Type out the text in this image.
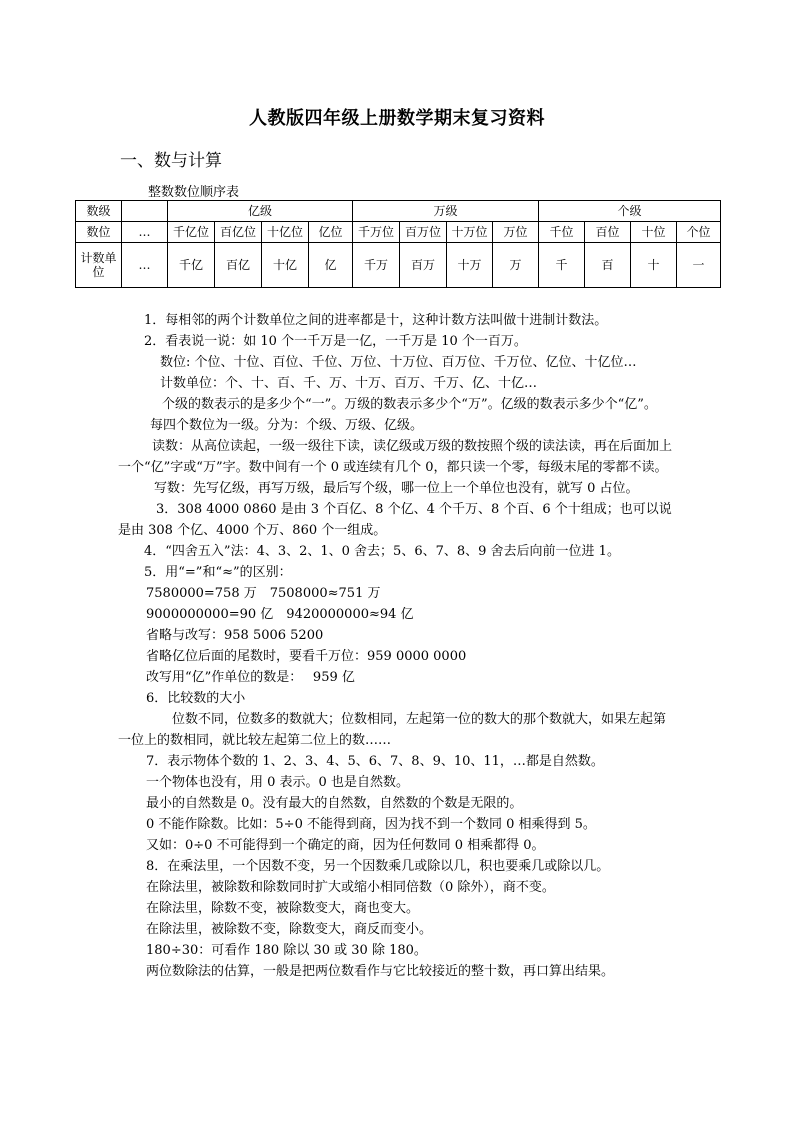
人教版四年级上册数学期末复习资料
一、数与计算
整数数位顺序表
数级		亿级				万级				个级			
数位	…	千亿位	百亿位	十亿位	亿位	千万位	百万位	十万位	万位	千位	百位	十位	个位
计数单位	…	千亿	百亿	十亿	亿	千万	百万	十万	万	千	百	十	一

1．每相邻的两个计数单位之间的进率都是十，这种计数方法叫做十进制计数法。

2．看表说一说：如 10 个一千万是一亿，一千万是 10 个一百万。

数位: 个位、十位、百位、千位、万位、十万位、百万位、千万位、亿位、十亿位…

计数单位：个、十、百、千、万、十万、百万、千万、亿、十亿…

个级的数表示的是多少个“一”。万级的数表示多少个“万”。亿级的数表示多少个“亿”。

每四个数位为一级。分为：个级、万级、亿级。

读数：从高位读起，一级一级往下读，读亿级或万级的数按照个级的读法读，再在后面加上一个“亿”字或“万”字。数中间有一个 0 或连续有几个 0，都只读一个零，每级末尾的零都不读。

写数：先写亿级，再写万级，最后写个级，哪一位上一个单位也没有，就写 0 占位。

3．308 4000 0860 是由 3 个百亿、8 个亿、4 个千万、8 个百、6 个十组成；也可以说是由 308 个亿、4000 个万、860 个一组成。

4．“四舍五入”法：4、3、2、1、0 舍去；5、6、7、8、9 舍去后向前一位进 1。

5．用“=”和“≈”的区别：

7580000=758 万　7508000≈751 万

9000000000=90 亿　9420000000≈94 亿

省略与改写：958 5006 5200

省略亿位后面的尾数时，要看千万位：959 0000 0000

改写用“亿”作单位的数是：　 959 亿

6．比较数的大小

位数不同，位数多的数就大；位数相同，左起第一位的数大的那个数就大，如果左起第一位上的数相同，就比较左起第二位上的数……

7．表示物体个数的 1、2、3、4、5、6、7、8、9、10、11，…都是自然数。

一个物体也没有，用 0 表示。0 也是自然数。

最小的自然数是 0。没有最大的自然数，自然数的个数是无限的。

0 不能作除数。比如：5÷0 不能得到商，因为找不到一个数同 0 相乘得到 5。

又如：0÷0 不可能得到一个确定的商，因为任何数同 0 相乘都得 0。

8．在乘法里，一个因数不变，另一个因数乘几或除以几，积也要乘几或除以几。

在除法里，被除数和除数同时扩大或缩小相同倍数（0 除外），商不变。

在除法里，除数不变，被除数变大，商也变大。

在除法里，被除数不变，除数变大，商反而变小。

180÷30：可看作 180 除以 30 或 30 除 180。

两位数除法的估算，一般是把两位数看作与它比较接近的整十数，再口算出结果。
